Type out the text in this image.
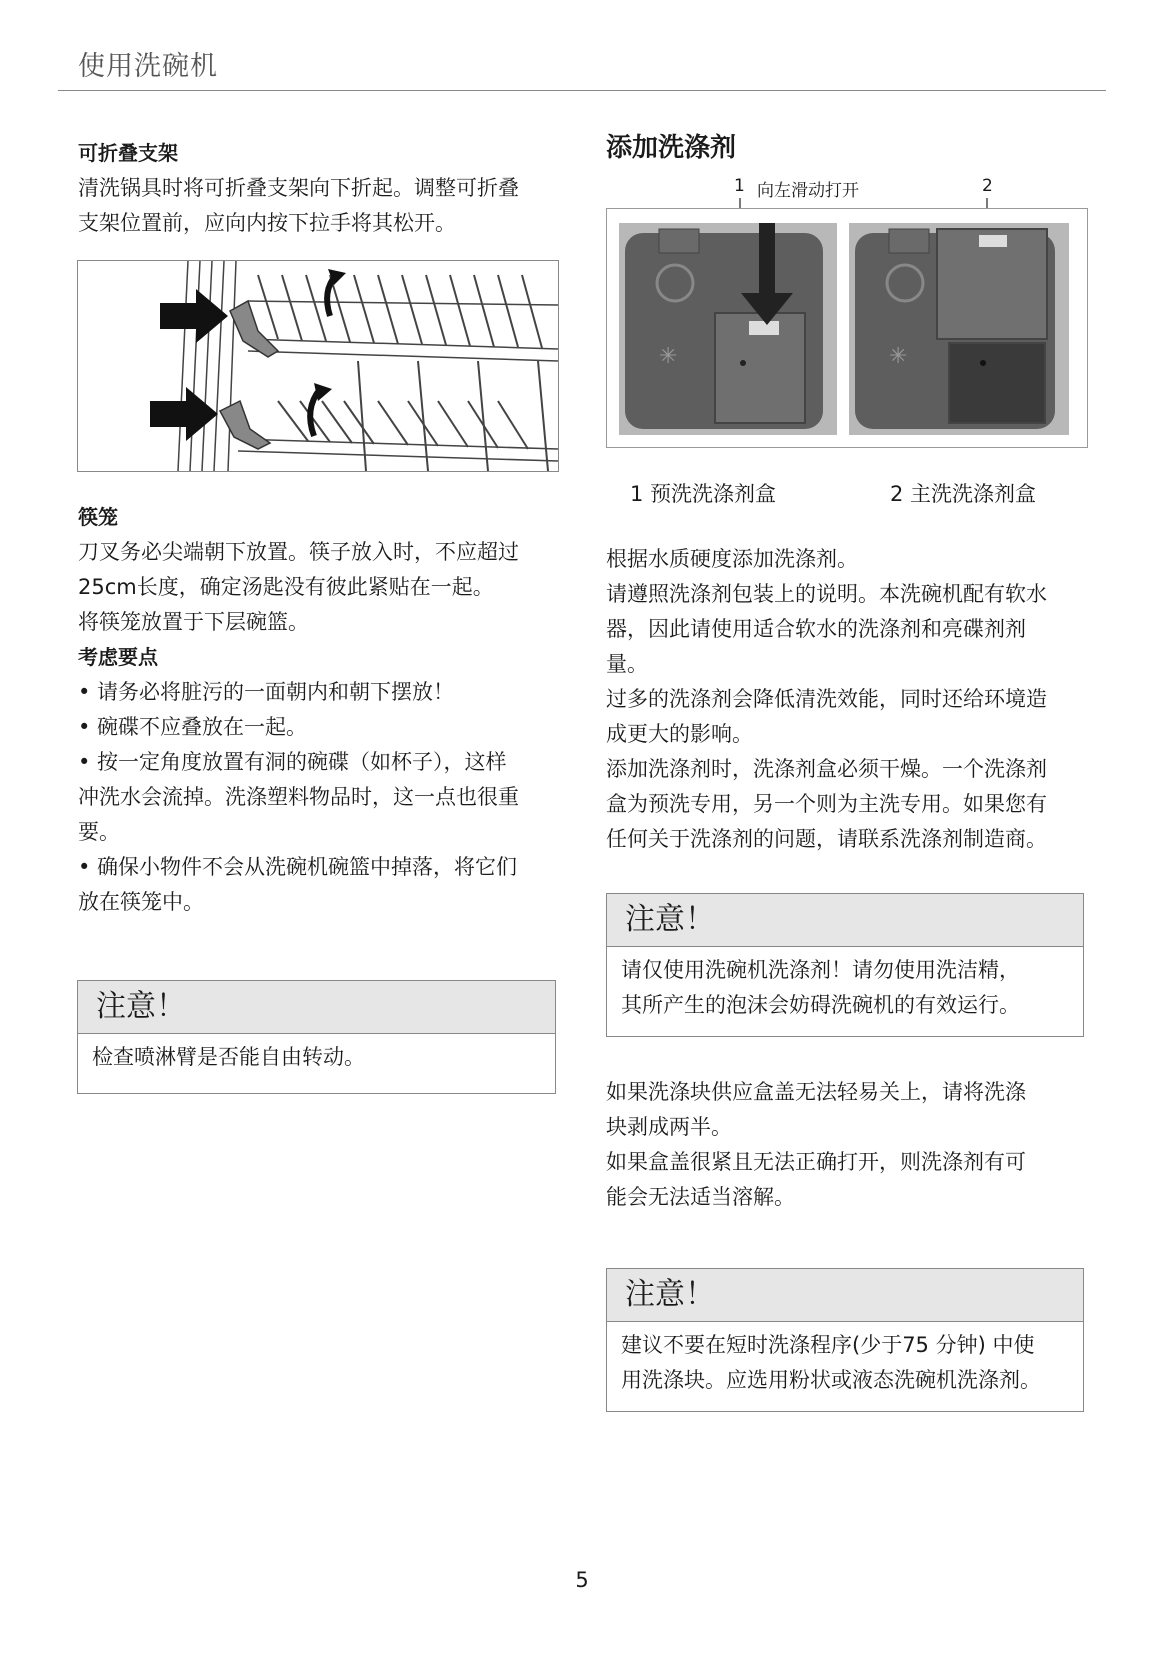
使用洗碗机
可折叠支架
清洗锅具时将可折叠支架向下折起。调整可折叠
支架位置前，应向内按下拉手将其松开。
筷笼
刀叉务必尖端朝下放置。筷子放入时，不应超过
25cm长度，确定汤匙没有彼此紧贴在一起。
将筷笼放置于下层碗篮。
考虑要点
• 请务必将脏污的一面朝内和朝下摆放！
• 碗碟不应叠放在一起。
• 按一定角度放置有洞的碗碟（如杯子），这样
冲洗水会流掉。洗涤塑料物品时，这一点也很重
要。
• 确保小物件不会从洗碗机碗篮中掉落，将它们
放在筷笼中。
注意！
检查喷淋臂是否能自由转动。
添加洗涤剂
1 向左滑动打开	2
✳	✳
1 预洗洗涤剂盒	2 主洗洗涤剂盒
根据水质硬度添加洗涤剂。
请遵照洗涤剂包装上的说明。本洗碗机配有软水
器，因此请使用适合软水的洗涤剂和亮碟剂剂
量。
过多的洗涤剂会降低清洗效能，同时还给环境造
成更大的影响。
添加洗涤剂时，洗涤剂盒必须干燥。一个洗涤剂
盒为预洗专用，另一个则为主洗专用。如果您有
任何关于洗涤剂的问题，请联系洗涤剂制造商。
注意！
请仅使用洗碗机洗涤剂！请勿使用洗洁精，
其所产生的泡沫会妨碍洗碗机的有效运行。
如果洗涤块供应盒盖无法轻易关上，请将洗涤
块剥成两半。
如果盒盖很紧且无法正确打开，则洗涤剂有可
能会无法适当溶解。
注意！
建议不要在短时洗涤程序(少于75 分钟) 中使
用洗涤块。应选用粉状或液态洗碗机洗涤剂。
5
